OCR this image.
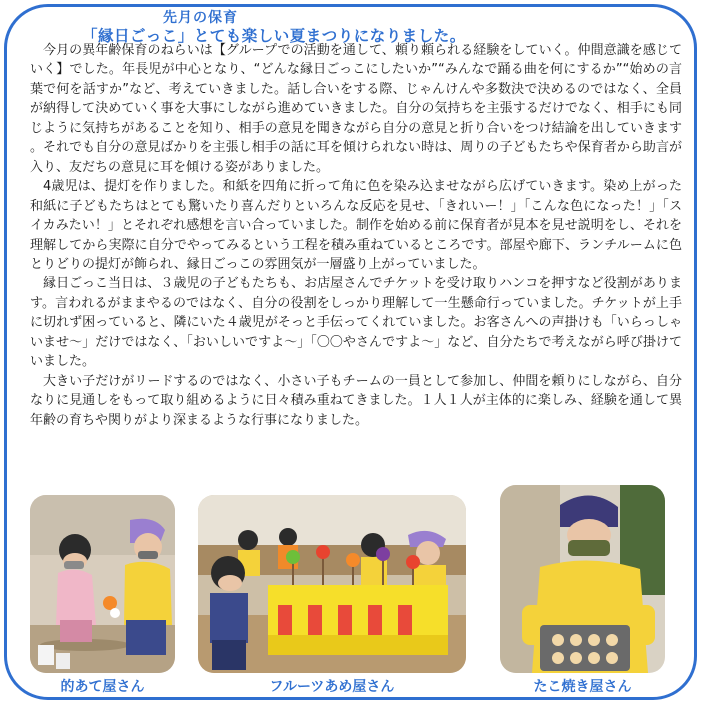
先月の保育
「縁日ごっこ」とても楽しい夏まつりになりました。

今月の異年齢保育のねらいは【グループでの活動を通して、頼り頼られる経験をしていく。仲間意識を感じていく】でした。年長児が中心となり、“どんな縁日ごっこにしたいか”“みんなで踊る曲を何にするか”“始めの言葉で何を話すか”など、考えていきました。話し合いをする際、じゃんけんや多数決で決めるのではなく、全員が納得して決めていく事を大事にしながら進めていきました。自分の気持ちを主張するだけでなく、相手にも同じように気持ちがあることを知り、相手の意見を聞きながら自分の意見と折り合いをつけ結論を出していきます。それでも自分の意見ばかりを主張し相手の話に耳を傾けられない時は、周りの子どもたちや保育者から助言が入り、友だちの意見に耳を傾ける姿がありました。

4歳児は、提灯を作りました。和紙を四角に折って角に色を染み込ませながら広げていきます。染め上がった和紙に子どもたちはとても驚いたり喜んだりといろんな反応を見せ、「きれいー！」「こんな色になった！」「スイカみたい！」とそれぞれ感想を言い合っていました。制作を始める前に保育者が見本を見せ説明をし、それを理解してから実際に自分でやってみるという工程を積み重ねているところです。部屋や廊下、ランチルームに色とりどりの提灯が飾られ、縁日ごっこの雰囲気が一層盛り上がっていました。

縁日ごっこ当日は、３歳児の子どもたちも、お店屋さんでチケットを受け取りハンコを押すなど役割があります。言われるがままやるのではなく、自分の役割をしっかり理解して一生懸命行っていました。チケットが上手に切れず困っていると、隣にいた４歳児がそっと手伝ってくれていました。お客さんへの声掛けも「いらっしゃいませ～」だけではなく、「おいしいですよ～」「〇〇やさんですよ～」など、自分たちで考えながら呼び掛けていました。

大きい子だけがリードするのではなく、小さい子もチームの一員として参加し、仲間を頼りにしながら、自分なりに見通しをもって取り組めるように日々積み重ねてきました。１人１人が主体的に楽しみ、経験を通して異年齢の育ちや関りがより深まるような行事になりました。

的あて屋さん	フルーツあめ屋さん	たこ焼き屋さん
